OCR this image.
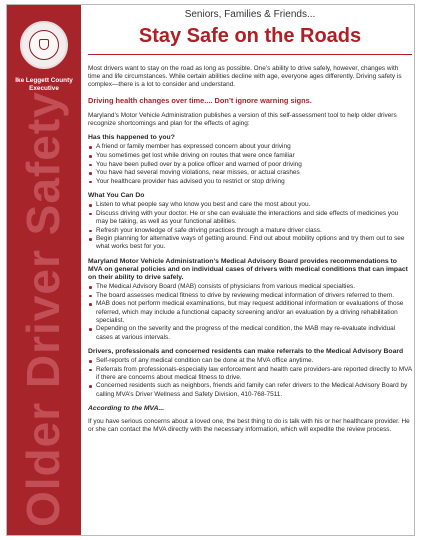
Ike Leggett County Executive
Older Driver Safety
Seniors, Families & Friends...
Stay Safe on the Roads
Most drivers want to stay on the road as long as possible. One’s ability to drive safely, however, changes with time and life circumstances. While certain abilities decline with age, everyone ages differently. Driving safety is complex—there is a lot to consider and understand.
Driving health changes over time.... Don’t ignore warning signs.
Maryland’s Motor Vehicle Administration publishes a version of this self-assessment tool to help older drivers recognize shortcomings and plan for the effects of aging:
Has this happened to you?
A friend or family member has expressed concern about your driving
You sometimes get lost while driving on routes that were once familiar
You have been pulled over by a police officer and warned of poor driving
You have had several moving violations, near misses, or actual crashes
Your healthcare provider has advised you to restrict or stop driving
What You Can Do
Listen to what people say who know you best and care the most about you.
Discuss driving with your doctor. He or she can evaluate the interactions and side effects of medicines you may be taking, as well as your functional abilities.
Refresh your knowledge of safe driving practices through a mature driver class.
Begin planning for alternative ways of getting around. Find out about mobility options and try them out to see what works best for you.
Maryland Motor Vehicle Administration’s Medical Advisory Board provides recommendations to MVA on general policies and on individual cases of drivers with medical conditions that can impact on their ability to drive safely.
The Medical Advisory Board (MAB) consists of physicians from various medical specialties.
The board assesses medical fitness to drive by reviewing medical information of drivers referred to them.
MAB does not perform medical examinations, but may request additional information or evaluations of those referred, which may include a functional capacity screening and/or an evaluation by a driving rehabilitation specialist.
Depending on the severity and the progress of the medical condition, the MAB may re-evaluate individual cases at various intervals.
Drivers, professionals and concerned residents can make referrals to the Medical Advisory Board
Self-reports of any medical condition can be done at the MVA office anytime.
Referrals from professionals-especially law enforcement and health care providers-are reported directly to MVA if there are concerns about medical fitness to drive.
Concerned residents such as neighbors, friends and family can refer drivers to the Medical Advisory Board by calling MVA’s Driver Wellness and Safety Division, 410-768-7511.
According to the MVA...
If you have serious concerns about a loved one, the best thing to do is talk with his or her healthcare provider. He or she can contact the MVA directly with the necessary information, which will expedite the review process.
